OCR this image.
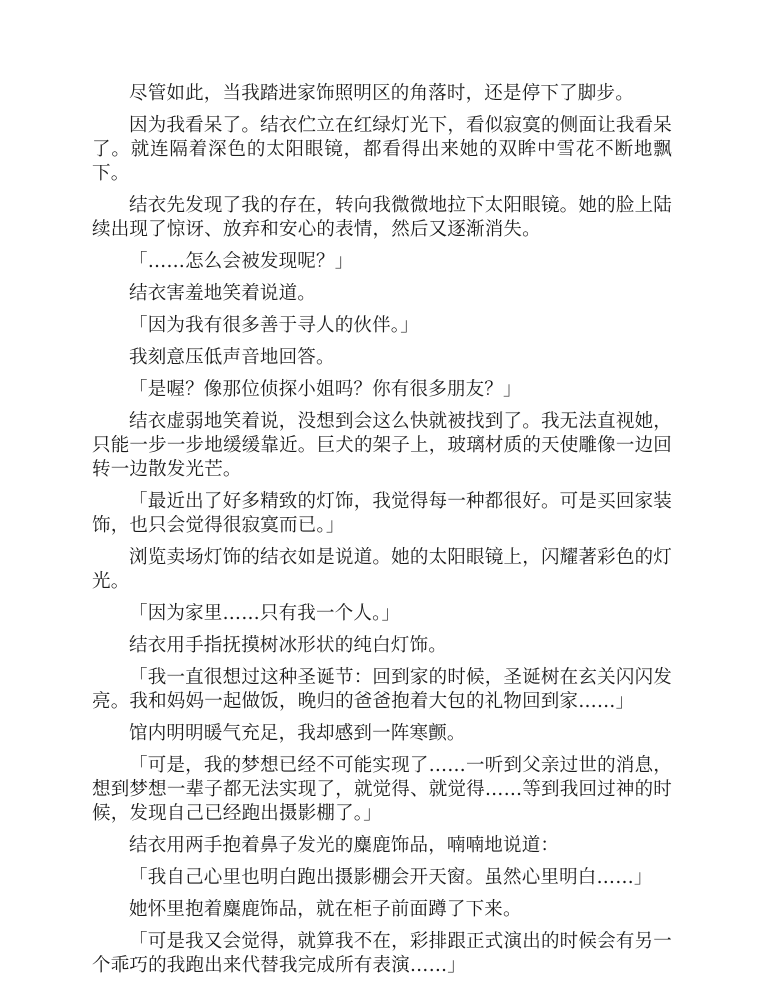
尽管如此，当我踏进家饰照明区的角落时，还是停下了脚步。

因为我看呆了。结衣伫立在红绿灯光下，看似寂寞的侧面让我看呆了。就连隔着深色的太阳眼镜，都看得出来她的双眸中雪花不断地飘下。

结衣先发现了我的存在，转向我微微地拉下太阳眼镜。她的脸上陆续出现了惊讶、放弃和安心的表情，然后又逐渐消失。

「……怎么会被发现呢？」

结衣害羞地笑着说道。

「因为我有很多善于寻人的伙伴。」

我刻意压低声音地回答。

「是喔？像那位侦探小姐吗？你有很多朋友？」

结衣虚弱地笑着说，没想到会这么快就被找到了。我无法直视她，只能一步一步地缓缓靠近。巨犬的架子上，玻璃材质的天使雕像一边回转一边散发光芒。

「最近出了好多精致的灯饰，我觉得每一种都很好。可是买回家装饰，也只会觉得很寂寞而已。」

浏览卖场灯饰的结衣如是说道。她的太阳眼镜上，闪耀著彩色的灯光。

「因为家里……只有我一个人。」

结衣用手指抚摸树冰形状的纯白灯饰。

「我一直很想过这种圣诞节：回到家的时候，圣诞树在玄关闪闪发亮。我和妈妈一起做饭，晚归的爸爸抱着大包的礼物回到家……」

馆内明明暖气充足，我却感到一阵寒颤。

「可是，我的梦想已经不可能实现了……一听到父亲过世的消息，想到梦想一辈子都无法实现了，就觉得、就觉得……等到我回过神的时候，发现自己已经跑出摄影棚了。」

结衣用两手抱着鼻子发光的麋鹿饰品，喃喃地说道：

「我自己心里也明白跑出摄影棚会开天窗。虽然心里明白……」

她怀里抱着麋鹿饰品，就在柜子前面蹲了下来。

「可是我又会觉得，就算我不在，彩排跟正式演出的时候会有另一个乖巧的我跑出来代替我完成所有表演……」
